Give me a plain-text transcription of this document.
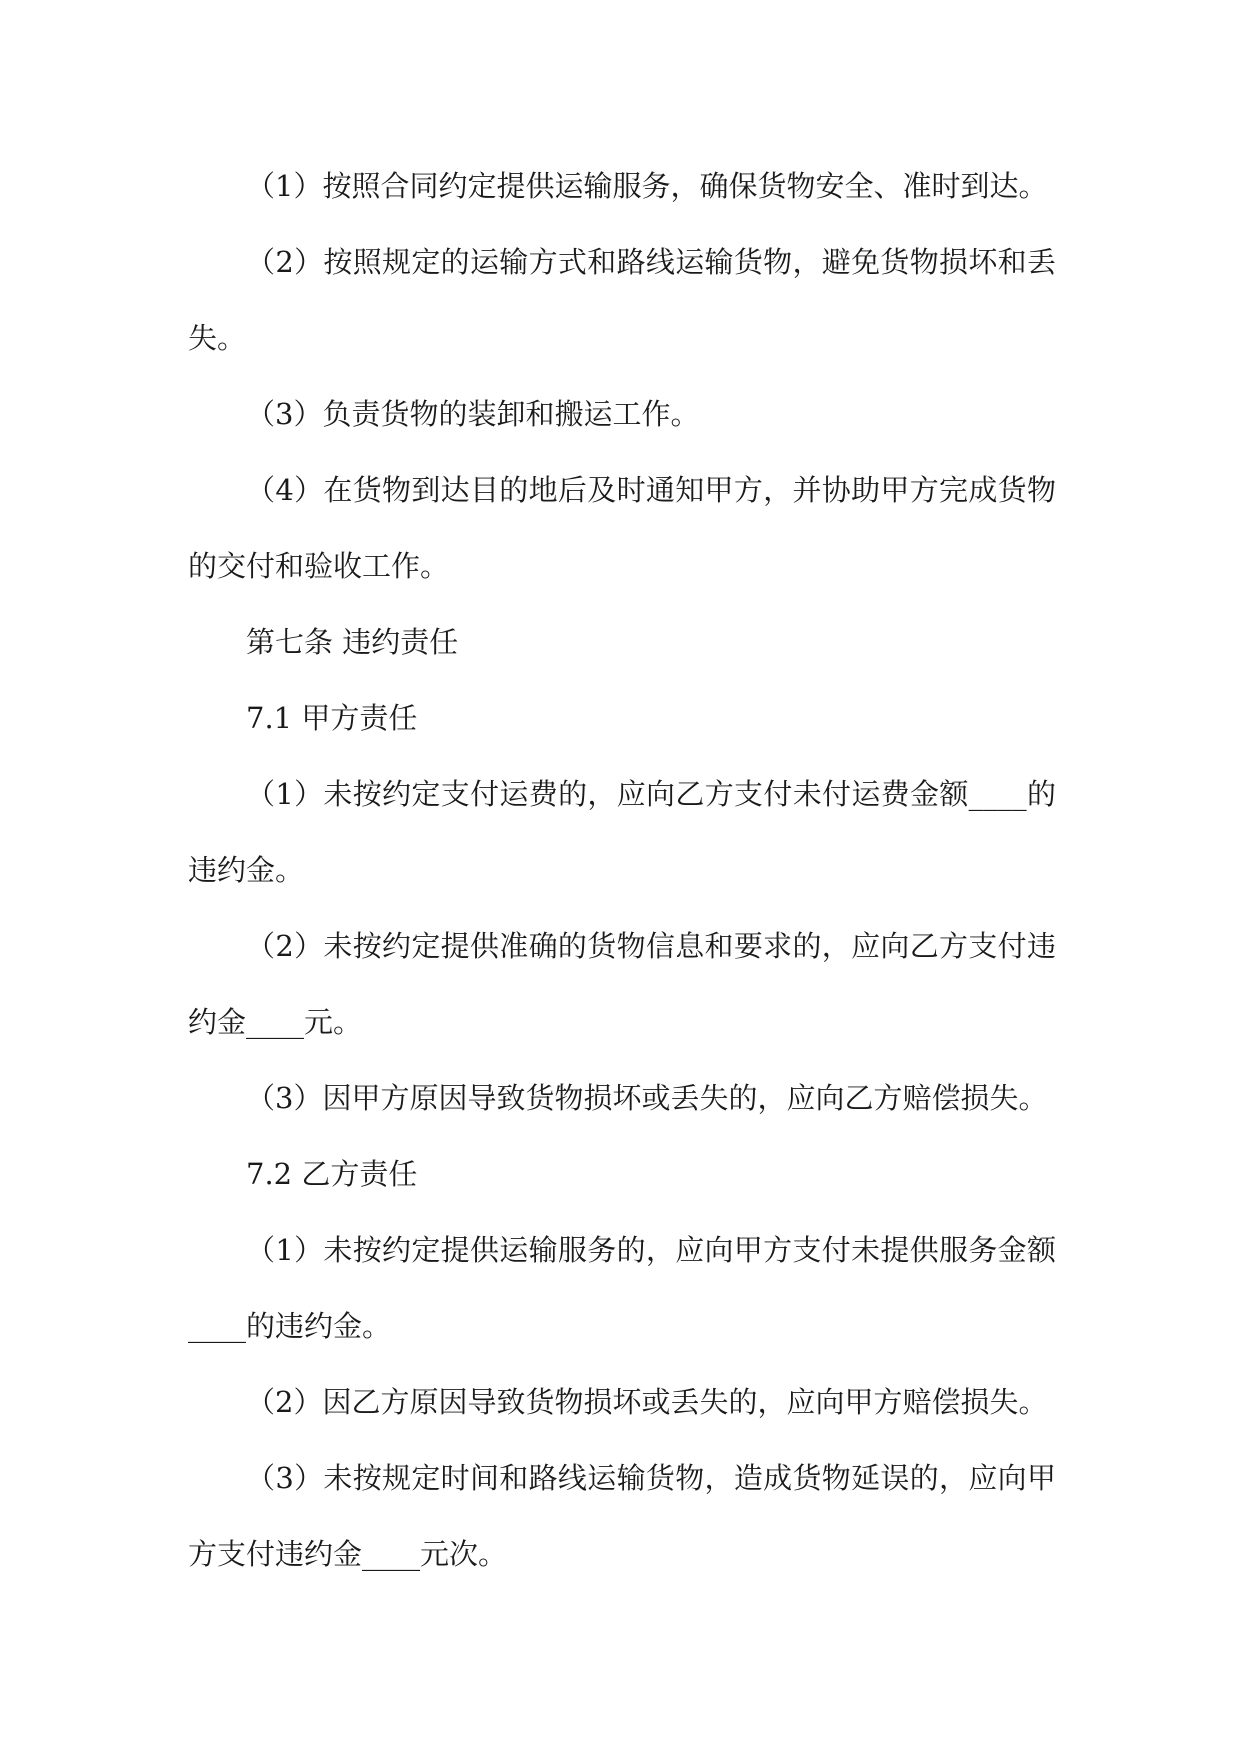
（1）按照合同约定提供运输服务，确保货物安全、准时到达。

（2）按照规定的运输方式和路线运输货物，避免货物损坏和丢失。

（3）负责货物的装卸和搬运工作。

（4）在货物到达目的地后及时通知甲方，并协助甲方完成货物的交付和验收工作。

第七条 违约责任

7.1 甲方责任

（1）未按约定支付运费的，应向乙方支付未付运费金额____的违约金。

（2）未按约定提供准确的货物信息和要求的，应向乙方支付违约金____元。

（3）因甲方原因导致货物损坏或丢失的，应向乙方赔偿损失。

7.2 乙方责任

（1）未按约定提供运输服务的，应向甲方支付未提供服务金额____的违约金。

（2）因乙方原因导致货物损坏或丢失的，应向甲方赔偿损失。

（3）未按规定时间和路线运输货物，造成货物延误的，应向甲方支付违约金____元次。
